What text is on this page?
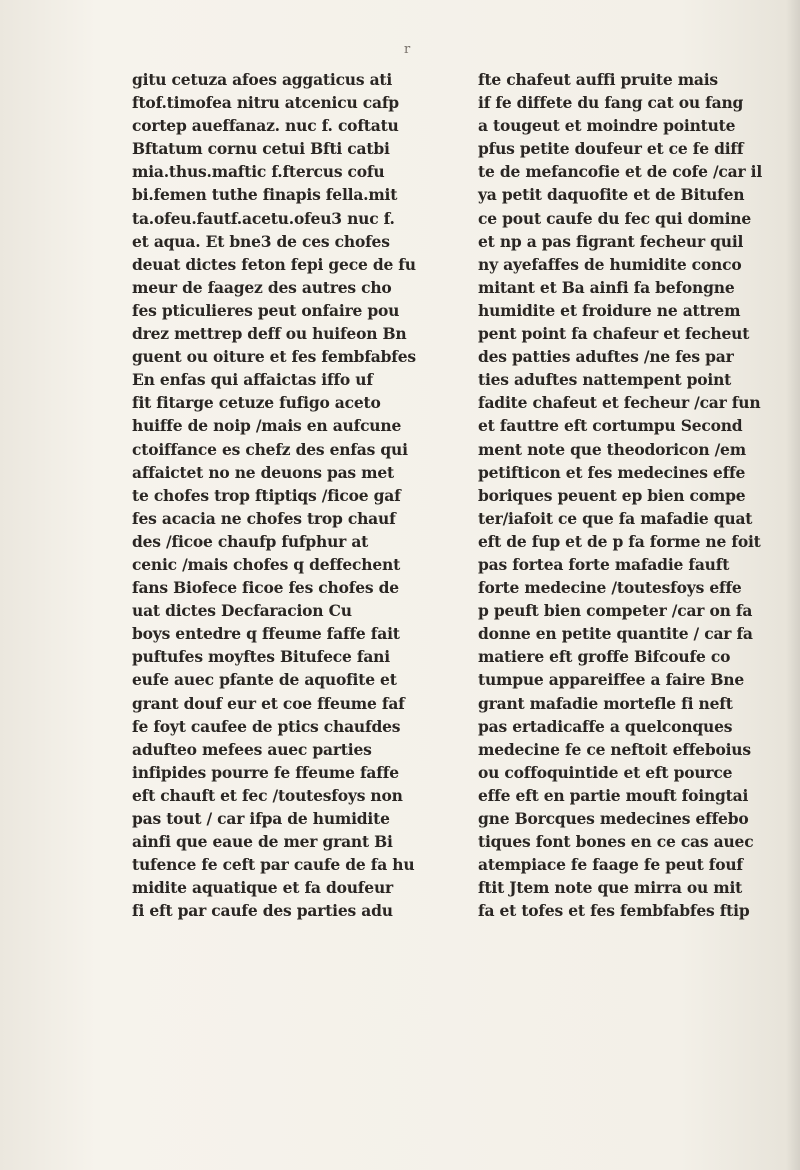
r
gitu cetuza afoes aggaticus ati
ftof.timofea nitru atcenicu cafp
cortep aueffanaz. nuc f. coftatu
Bftatum cornu cetui Bfti catbi
mia.thus.maftic f.ftercus cofu
bi.femen tuthe finapis fella.mit
ta.ofeu.fautf.acetu.ofeu3 nuc f.
et aqua. Et bne3 de ces chofes
deuat dictes feton fepi gece de fu
meur de faagez des autres cho
fes pticulieres peut onfaire pou
drez mettrep deff ou huifeon Bn
guent ou oiture et fes fembfabfes
En enfas qui affaictas iffo uf
fit fitarge cetuze fufigo aceto
huiffe de noip /mais en aufcune
ctoiffance es chefz des enfas qui
affaictet no ne deuons pas met
te chofes trop ftiptiqs /ficoe gaf
fes acacia ne chofes trop chauf
des /ficoe chaufp fufphur at
cenic /mais chofes q deffechent
fans Biofece ficoe fes chofes de
uat dictes Decfaracion Cu
boys entedre q ffeume faffe fait
puftufes moyftes Bitufece fani
eufe auec pfante de aquofite et
grant douf eur et coe ffeume faf
fe foyt caufee de ptics chaufdes
adufteo mefees auec parties
infipides pourre fe ffeume faffe
eft chauft et fec /toutesfoys non
pas tout / car ifpa de humidite
ainfi que eaue de mer grant Bi
tufence fe ceft par caufe de fa hu
midite aquatique et fa doufeur
fi eft par caufe des parties adu
fte chafeut auffi pruite mais
if fe diffete du fang cat ou fang
a tougeut et moindre pointute
pfus petite doufeur et ce fe diff
te de mefancofie et de cofe /car il
ya petit daquofite et de Bitufen
ce pout caufe du fec qui domine
et np a pas figrant fecheur quil
ny ayefaffes de humidite conco
mitant et Ba ainfi fa befongne
humidite et froidure ne attrem
pent point fa chafeur et fecheut
des patties aduftes /ne fes par
ties aduftes nattempent point
fadite chafeut et fecheur /car fun
et fauttre eft cortumpu Second
ment note que theodoricon /em
petifticon et fes medecines effe
boriques peuent ep bien compe
ter/iafoit ce que fa mafadie quat
eft de fup et de p fa forme ne foit
pas fortea forte mafadie fauft
forte medecine /toutesfoys effe
p peuft bien competer /car on fa
donne en petite quantite / car fa
matiere eft groffe Bifcoufe co
tumpue appareiffee a faire Bne
grant mafadie mortefle fi neft
pas ertadicaffe a quelconques
medecine fe ce neftoit effeboius
ou coffoquintide et eft pource
effe eft en partie mouft foingtai
gne Borcques medecines effebo
tiques font bones en ce cas auec
atempiace fe faage fe peut fouf
ftit Jtem note que mirra ou mit
fa et tofes et fes fembfabfes ftip
